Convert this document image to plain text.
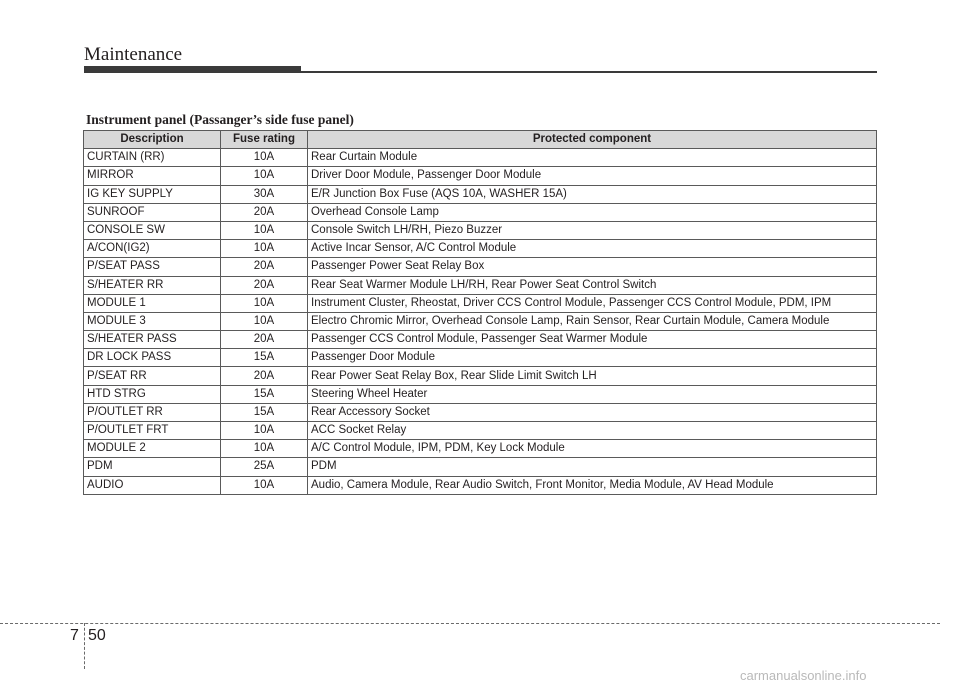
Maintenance
Instrument panel (Passanger’s side fuse panel)
Description	Fuse rating	Protected component
CURTAIN (RR)	10A	Rear Curtain Module
MIRROR	10A	Driver Door Module, Passenger Door Module
IG KEY SUPPLY	30A	E/R Junction Box Fuse (AQS 10A, WASHER 15A)
SUNROOF	20A	Overhead Console Lamp
CONSOLE SW	10A	Console Switch LH/RH, Piezo Buzzer
A/CON(IG2)	10A	Active Incar Sensor, A/C Control Module
P/SEAT PASS	20A	Passenger Power Seat Relay Box
S/HEATER RR	20A	Rear Seat Warmer Module LH/RH, Rear Power Seat Control Switch
MODULE 1	10A	Instrument Cluster, Rheostat, Driver CCS Control Module, Passenger CCS Control Module, PDM, IPM
MODULE 3	10A	Electro Chromic Mirror, Overhead Console Lamp, Rain Sensor, Rear Curtain Module, Camera Module
S/HEATER PASS	20A	Passenger CCS Control Module, Passenger Seat Warmer Module
DR LOCK PASS	15A	Passenger Door Module
P/SEAT RR	20A	Rear Power Seat Relay Box, Rear Slide Limit Switch LH
HTD STRG	15A	Steering Wheel Heater
P/OUTLET RR	15A	Rear Accessory Socket
P/OUTLET FRT	10A	ACC Socket Relay
MODULE 2	10A	A/C Control Module, IPM, PDM, Key Lock Module
PDM	25A	PDM
AUDIO	10A	Audio, Camera Module, Rear Audio Switch, Front Monitor, Media Module, AV Head Module
7 50
carmanualsonline.info
